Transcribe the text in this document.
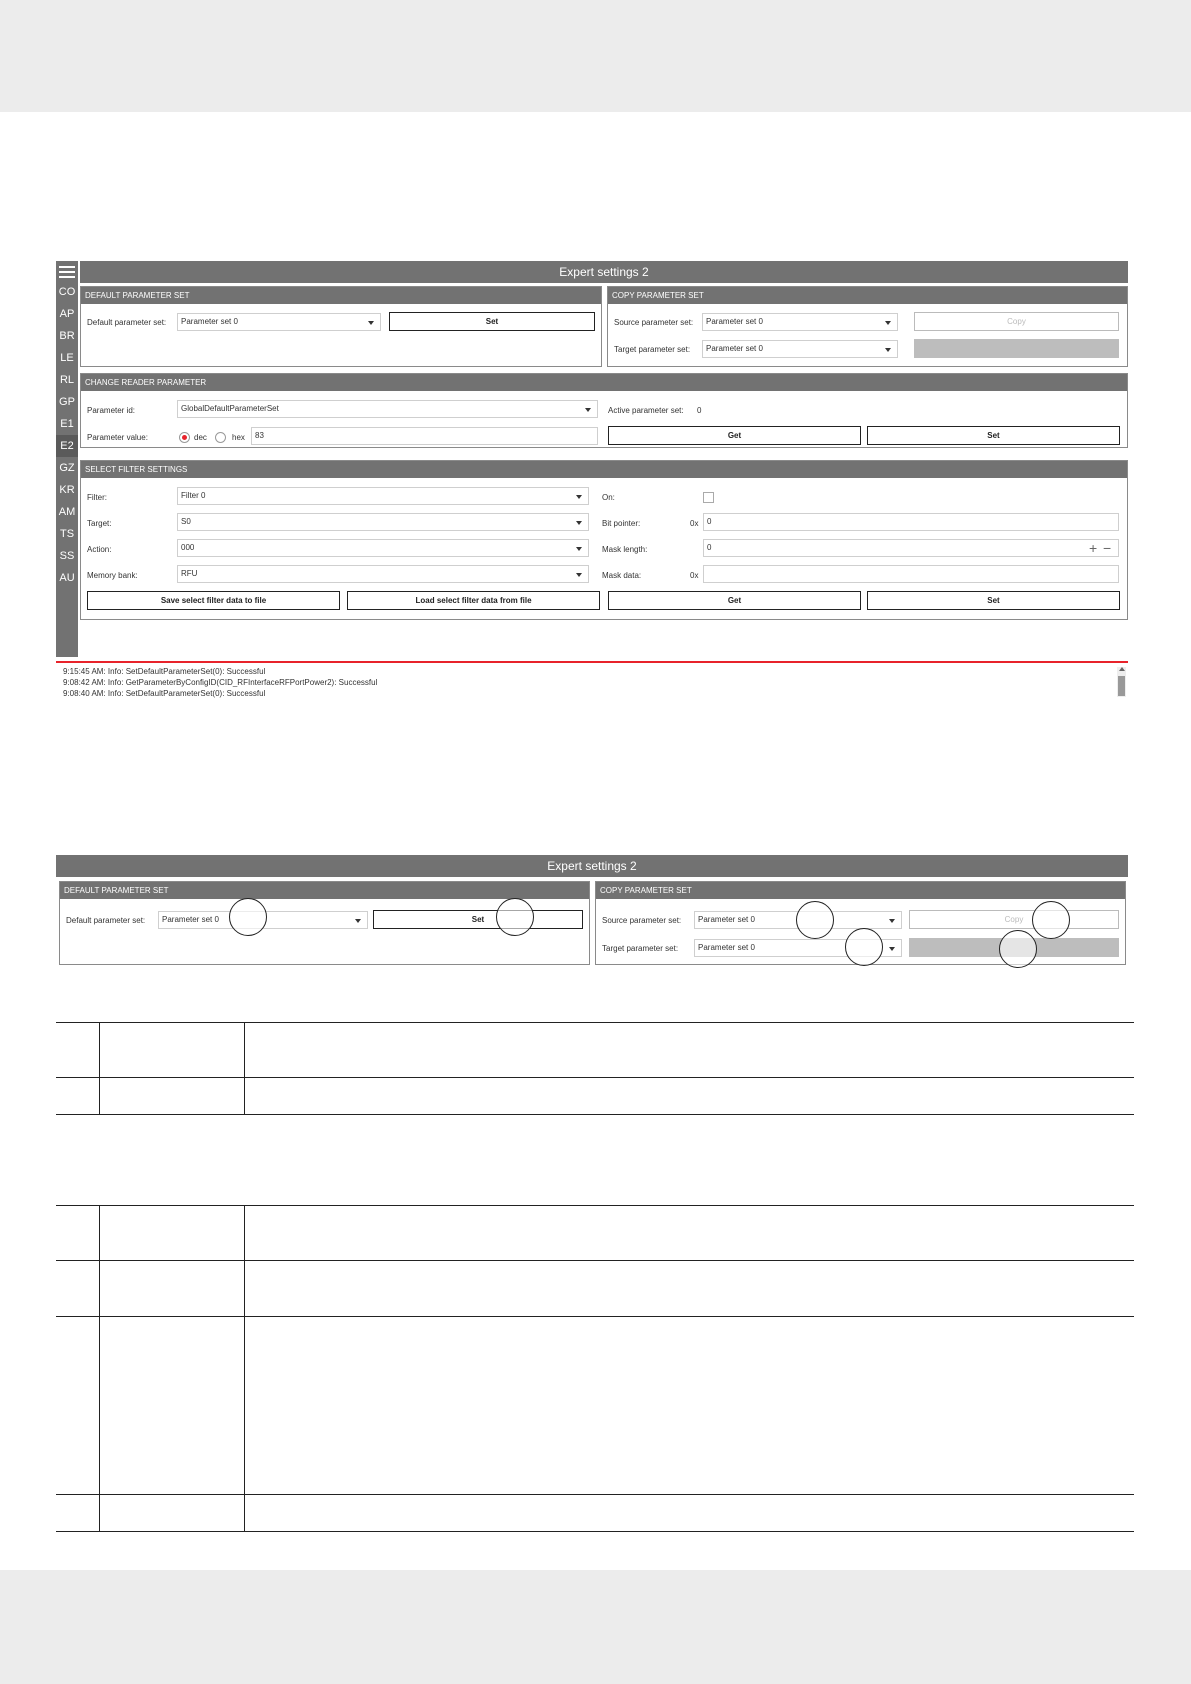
CO
AP
BR
LE
RL
GP
E1
E2
GZ
KR
AM
TS
SS
AU
Expert settings 2
DEFAULT PARAMETER SET
Default parameter set:	Parameter set 0	Set
COPY PARAMETER SET
Source parameter set:	Parameter set 0	Copy
Target parameter set:	Parameter set 0
CHANGE READER PARAMETER
Parameter id:	GlobalDefaultParameterSet	Active parameter set: 0
Parameter value:	dec	hex	83	Get	Set
SELECT FILTER SETTINGS
Filter:	Filter 0	On:
Target:	S0	Bit pointer:	0x	0
Action:	000	Mask length:	0	+ −
Memory bank:	RFU	Mask data:	0x
Save select filter data to file	Load select filter data from file	Get	Set
9:15:45 AM: Info: SetDefaultParameterSet(0): Successful
9:08:42 AM: Info: GetParameterByConfigID(CID_RFInterfaceRFPortPower2): Successful
9:08:40 AM: Info: SetDefaultParameterSet(0): Successful
Expert settings 2
DEFAULT PARAMETER SET
Default parameter set:	Parameter set 0	Set
COPY PARAMETER SET
Source parameter set:	Parameter set 0	Copy
Target parameter set:	Parameter set 0
